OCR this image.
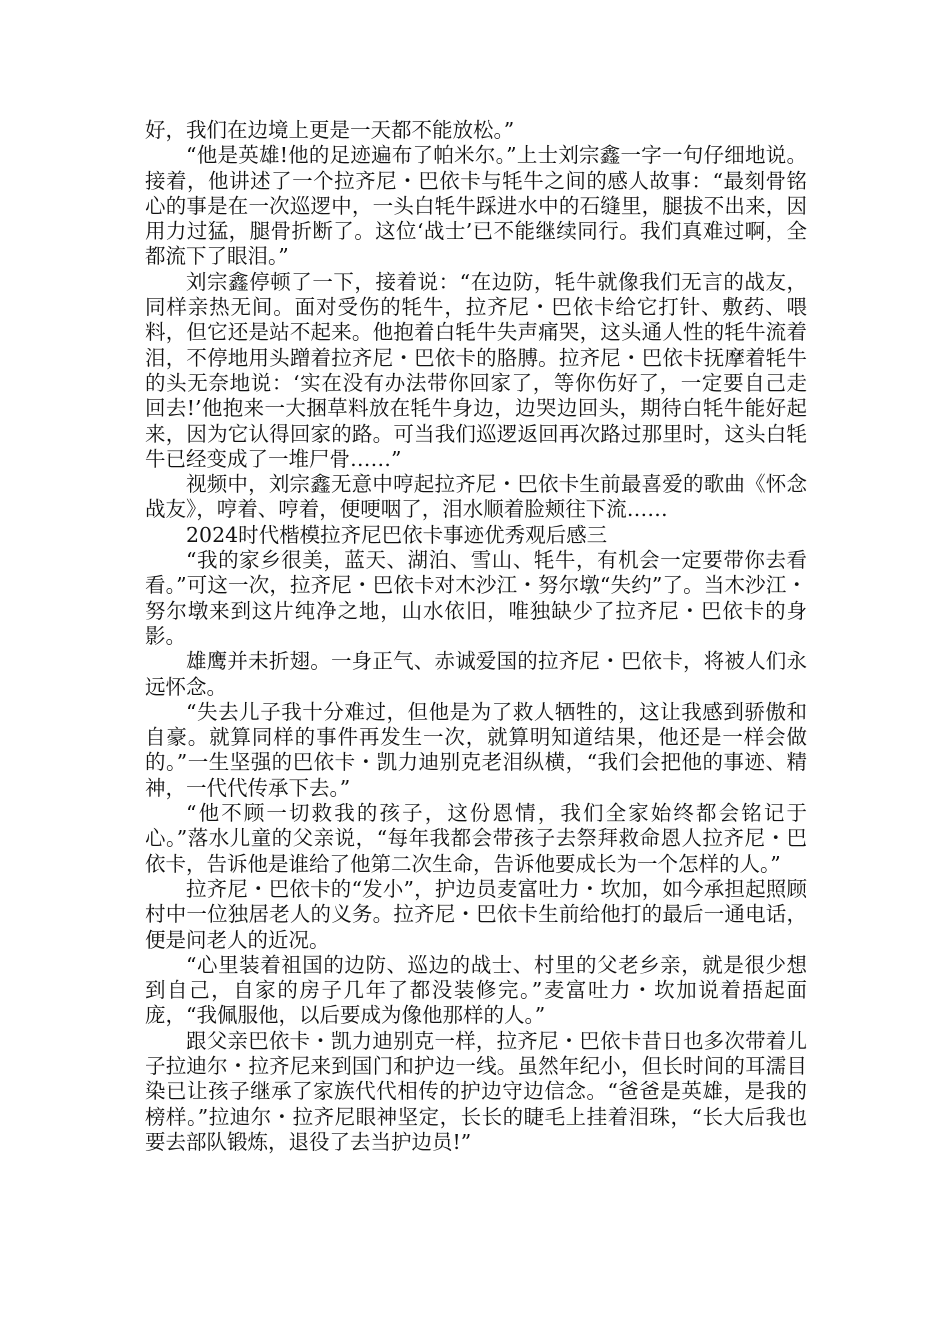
好，我们在边境上更是一天都不能放松。”

“他是英雄!他的足迹遍布了帕米尔。”上士刘宗鑫一字一句仔细地说。接着，他讲述了一个拉齐尼・巴依卡与牦牛之间的感人故事：“最刻骨铭心的事是在一次巡逻中，一头白牦牛踩进水中的石缝里，腿拔不出来，因用力过猛，腿骨折断了。这位‘战士’已不能继续同行。我们真难过啊，全都流下了眼泪。”

刘宗鑫停顿了一下，接着说：“在边防，牦牛就像我们无言的战友，同样亲热无间。面对受伤的牦牛，拉齐尼・巴依卡给它打针、敷药、喂料，但它还是站不起来。他抱着白牦牛失声痛哭，这头通人性的牦牛流着泪，不停地用头蹭着拉齐尼・巴依卡的胳膊。拉齐尼・巴依卡抚摩着牦牛的头无奈地说：‘实在没有办法带你回家了，等你伤好了，一定要自己走回去!’他抱来一大捆草料放在牦牛身边，边哭边回头，期待白牦牛能好起来，因为它认得回家的路。可当我们巡逻返回再次路过那里时，这头白牦牛已经变成了一堆尸骨……”

视频中，刘宗鑫无意中哼起拉齐尼・巴依卡生前最喜爱的歌曲《怀念战友》，哼着、哼着，便哽咽了，泪水顺着脸颊往下流……

2024时代楷模拉齐尼巴依卡事迹优秀观后感三

“我的家乡很美，蓝天、湖泊、雪山、牦牛，有机会一定要带你去看看。”可这一次，拉齐尼・巴依卡对木沙江・努尔墩“失约”了。当木沙江・努尔墩来到这片纯净之地，山水依旧，唯独缺少了拉齐尼・巴依卡的身影。

雄鹰并未折翅。一身正气、赤诚爱国的拉齐尼・巴依卡，将被人们永远怀念。

“失去儿子我十分难过，但他是为了救人牺牲的，这让我感到骄傲和自豪。就算同样的事件再发生一次，就算明知道结果，他还是一样会做的。”一生坚强的巴依卡・凯力迪别克老泪纵横，“我们会把他的事迹、精神，一代代传承下去。”

“他不顾一切救我的孩子，这份恩情，我们全家始终都会铭记于心。”落水儿童的父亲说，“每年我都会带孩子去祭拜救命恩人拉齐尼・巴依卡，告诉他是谁给了他第二次生命，告诉他要成长为一个怎样的人。”

拉齐尼・巴依卡的“发小”，护边员麦富吐力・坎加，如今承担起照顾村中一位独居老人的义务。拉齐尼・巴依卡生前给他打的最后一通电话，便是问老人的近况。

“心里装着祖国的边防、巡边的战士、村里的父老乡亲，就是很少想到自己，自家的房子几年了都没装修完。”麦富吐力・坎加说着捂起面庞，“我佩服他，以后要成为像他那样的人。”

跟父亲巴依卡・凯力迪别克一样，拉齐尼・巴依卡昔日也多次带着儿子拉迪尔・拉齐尼来到国门和护边一线。虽然年纪小，但长时间的耳濡目染已让孩子继承了家族代代相传的护边守边信念。“爸爸是英雄，是我的榜样。”拉迪尔・拉齐尼眼神坚定，长长的睫毛上挂着泪珠，“长大后我也要去部队锻炼，退役了去当护边员!”
